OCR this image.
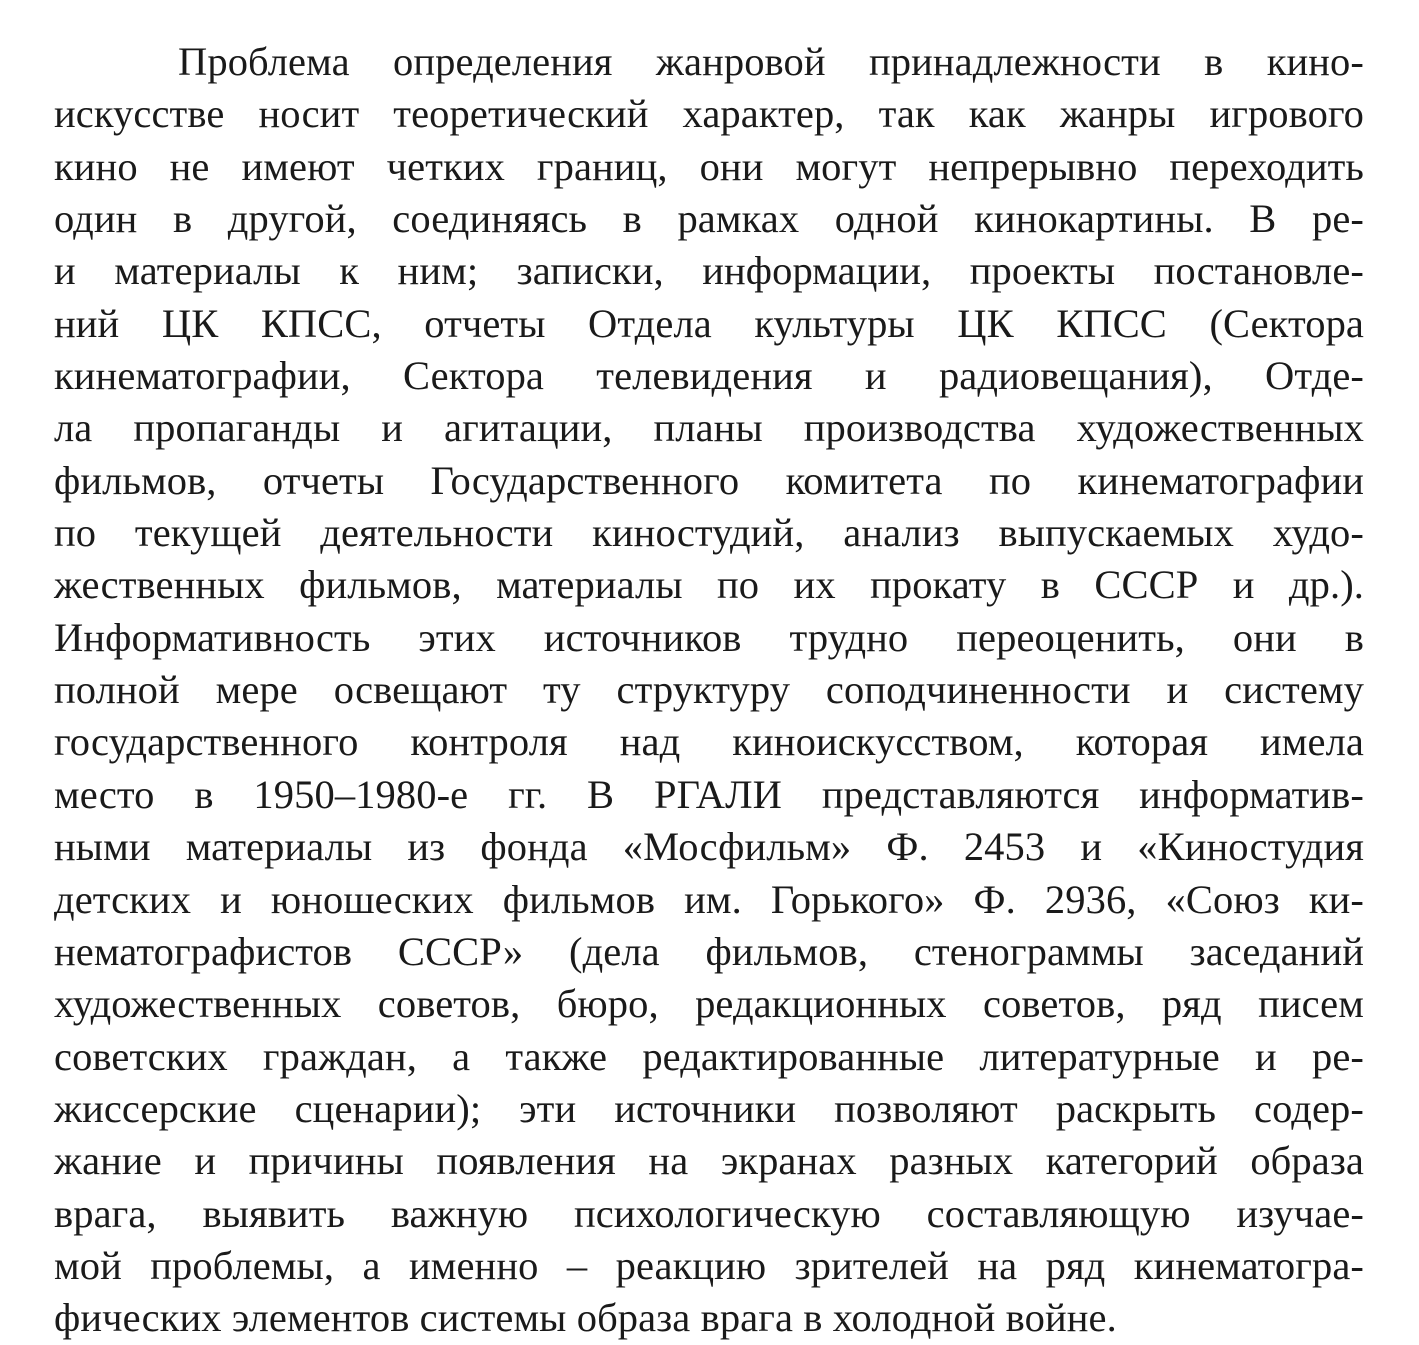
Проблема определения жанровой принадлежности в кино-
искусстве носит теоретический характер, так как жанры игрового
кино не имеют четких границ, они могут непрерывно переходить
один в другой, соединяясь в рамках одной кинокартины. В ре-
и материалы к ним; записки, информации, проекты постановле-
ний ЦК КПСС, отчеты Отдела культуры ЦК КПСС (Сектора
кинематографии, Сектора телевидения и радиовещания), Отде-
ла пропаганды и агитации, планы производства художественных
фильмов, отчеты Государственного комитета по кинематографии
по текущей деятельности киностудий, анализ выпускаемых худо-
жественных фильмов, материалы по их прокату в СССР и др.).
Информативность этих источников трудно переоценить, они в
полной мере освещают ту структуру соподчиненности и систему
государственного контроля над киноискусством, которая имела
место в 1950–1980-е гг. В РГАЛИ представляются информатив-
ными материалы из фонда «Мосфильм» Ф. 2453 и «Киностудия
детских и юношеских фильмов им. Горького» Ф. 2936, «Союз ки-
нематографистов СССР» (дела фильмов, стенограммы заседаний
художественных советов, бюро, редакционных советов, ряд писем
советских граждан, а также редактированные литературные и ре-
жиссерские сценарии); эти источники позволяют раскрыть содер-
жание и причины появления на экранах разных категорий образа
врага, выявить важную психологическую составляющую изучае-
мой проблемы, а именно – реакцию зрителей на ряд кинематогра-
фических элементов системы образа врага в холодной войне.
